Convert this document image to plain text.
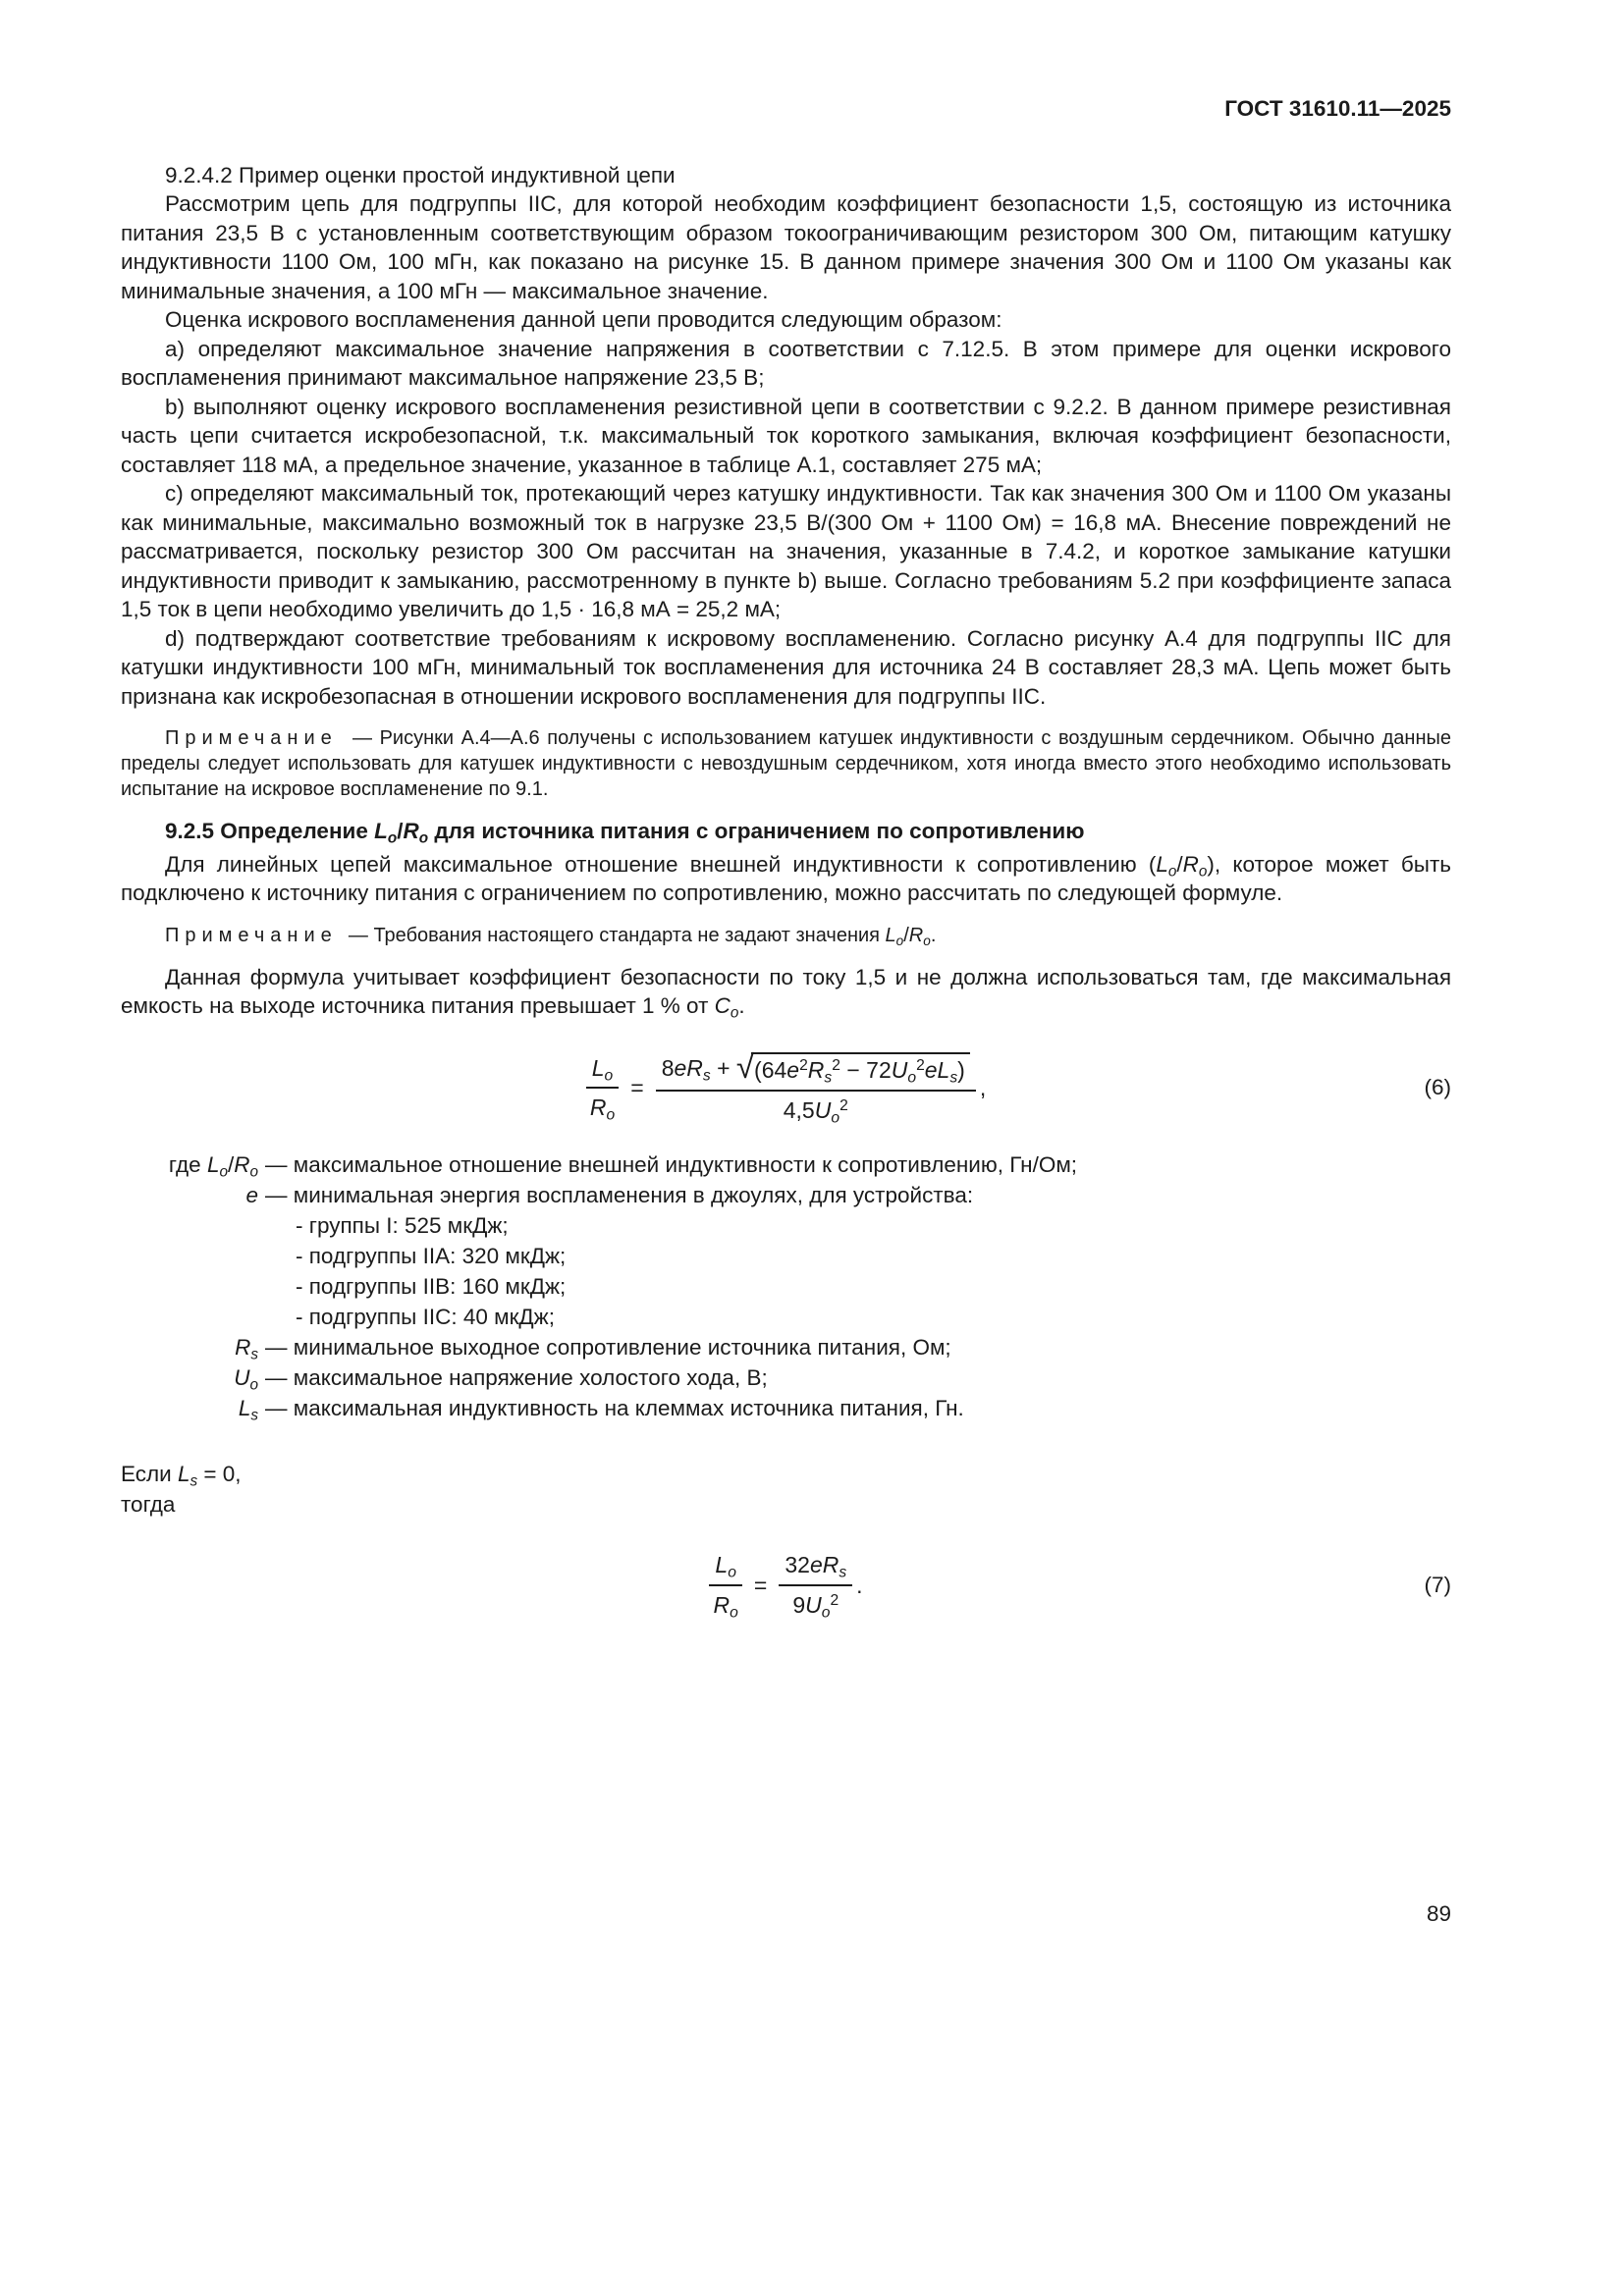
ГОСТ 31610.11—2025

9.2.4.2 Пример оценки простой индуктивной цепи

Рассмотрим цепь для подгруппы IIC, для которой необходим коэффициент безопасности 1,5, состоящую из источника питания 23,5 В с установленным соответствующим образом токоограничивающим резистором 300 Ом, питающим катушку индуктивности 1100 Ом, 100 мГн, как показано на рисунке 15. В данном примере значения 300 Ом и 1100 Ом указаны как минимальные значения, а 100 мГн — максимальное значение.

Оценка искрового воспламенения данной цепи проводится следующим образом:

a) определяют максимальное значение напряжения в соответствии с 7.12.5. В этом примере для оценки искрового воспламенения принимают максимальное напряжение 23,5 В;

b) выполняют оценку искрового воспламенения резистивной цепи в соответствии с 9.2.2. В данном примере резистивная часть цепи считается искробезопасной, т.к. максимальный ток короткого замыкания, включая коэффициент безопасности, составляет 118 мА, а предельное значение, указанное в таблице А.1, составляет 275 мА;

c) определяют максимальный ток, протекающий через катушку индуктивности. Так как значения 300 Ом и 1100 Ом указаны как минимальные, максимально возможный ток в нагрузке 23,5 В/(300 Ом + 1100 Ом) = 16,8 мА. Внесение повреждений не рассматривается, поскольку резистор 300 Ом рассчитан на значения, указанные в 7.4.2, и короткое замыкание катушки индуктивности приводит к замыканию, рассмотренному в пункте b) выше. Согласно требованиям 5.2 при коэффициенте запаса 1,5 ток в цепи необходимо увеличить до 1,5 · 16,8 мА = 25,2 мА;

d) подтверждают соответствие требованиям к искровому воспламенению. Согласно рисунку А.4 для подгруппы IIC для катушки индуктивности 100 мГн, минимальный ток воспламенения для источника 24 В составляет 28,3 мА. Цепь может быть признана как искробезопасная в отношении искрового воспламенения для подгруппы IIC.

Примечание — Рисунки А.4—А.6 получены с использованием катушек индуктивности с воздушным сердечником. Обычно данные пределы следует использовать для катушек индуктивности с невоздушным сердечником, хотя иногда вместо этого необходимо использовать испытание на искровое воспламенение по 9.1.

9.2.5 Определение $L_o/R_o$ для источника питания с ограничением по сопротивлению

Для линейных цепей максимальное отношение внешней индуктивности к сопротивлению $(L_o/R_o)$, которое может быть подключено к источнику питания с ограничением по сопротивлению, можно рассчитать по следующей формуле.

Примечание — Требования настоящего стандарта не задают значения $L_o/R_o$.

Данная формула учитывает коэффициент безопасности по току 1,5 и не должна использоваться там, где максимальная емкость на выходе источника питания превышает 1 % от $C_o$.

$\frac{L_o}{R_o} = \frac{8eR_s + √ (64e^2R_s^2 - 72U_o^2eL_s)}{4,5U_o^2}$ ,	(6)
где $L_o/R_o$ — максимальное отношение внешней индуктивности к сопротивлению, Гн/Ом;
e — минимальная энергия воспламенения в джоулях, для устройства:
- группы I: 525 мкДж;
- подгруппы IIA: 320 мкДж;
- подгруппы IIB: 160 мкДж;
- подгруппы IIC: 40 мкДж;
$R_s$ — минимальное выходное сопротивление источника питания, Ом;
$U_o$ — максимальное напряжение холостого хода, В;
$L_s$ — максимальная индуктивность на клеммах источника питания, Гн.

Если $L_s = 0$,

тогда

$\frac{L_o}{R_o} = \frac{32 eR_s}{9U_o^2}$ .	(7)
89
